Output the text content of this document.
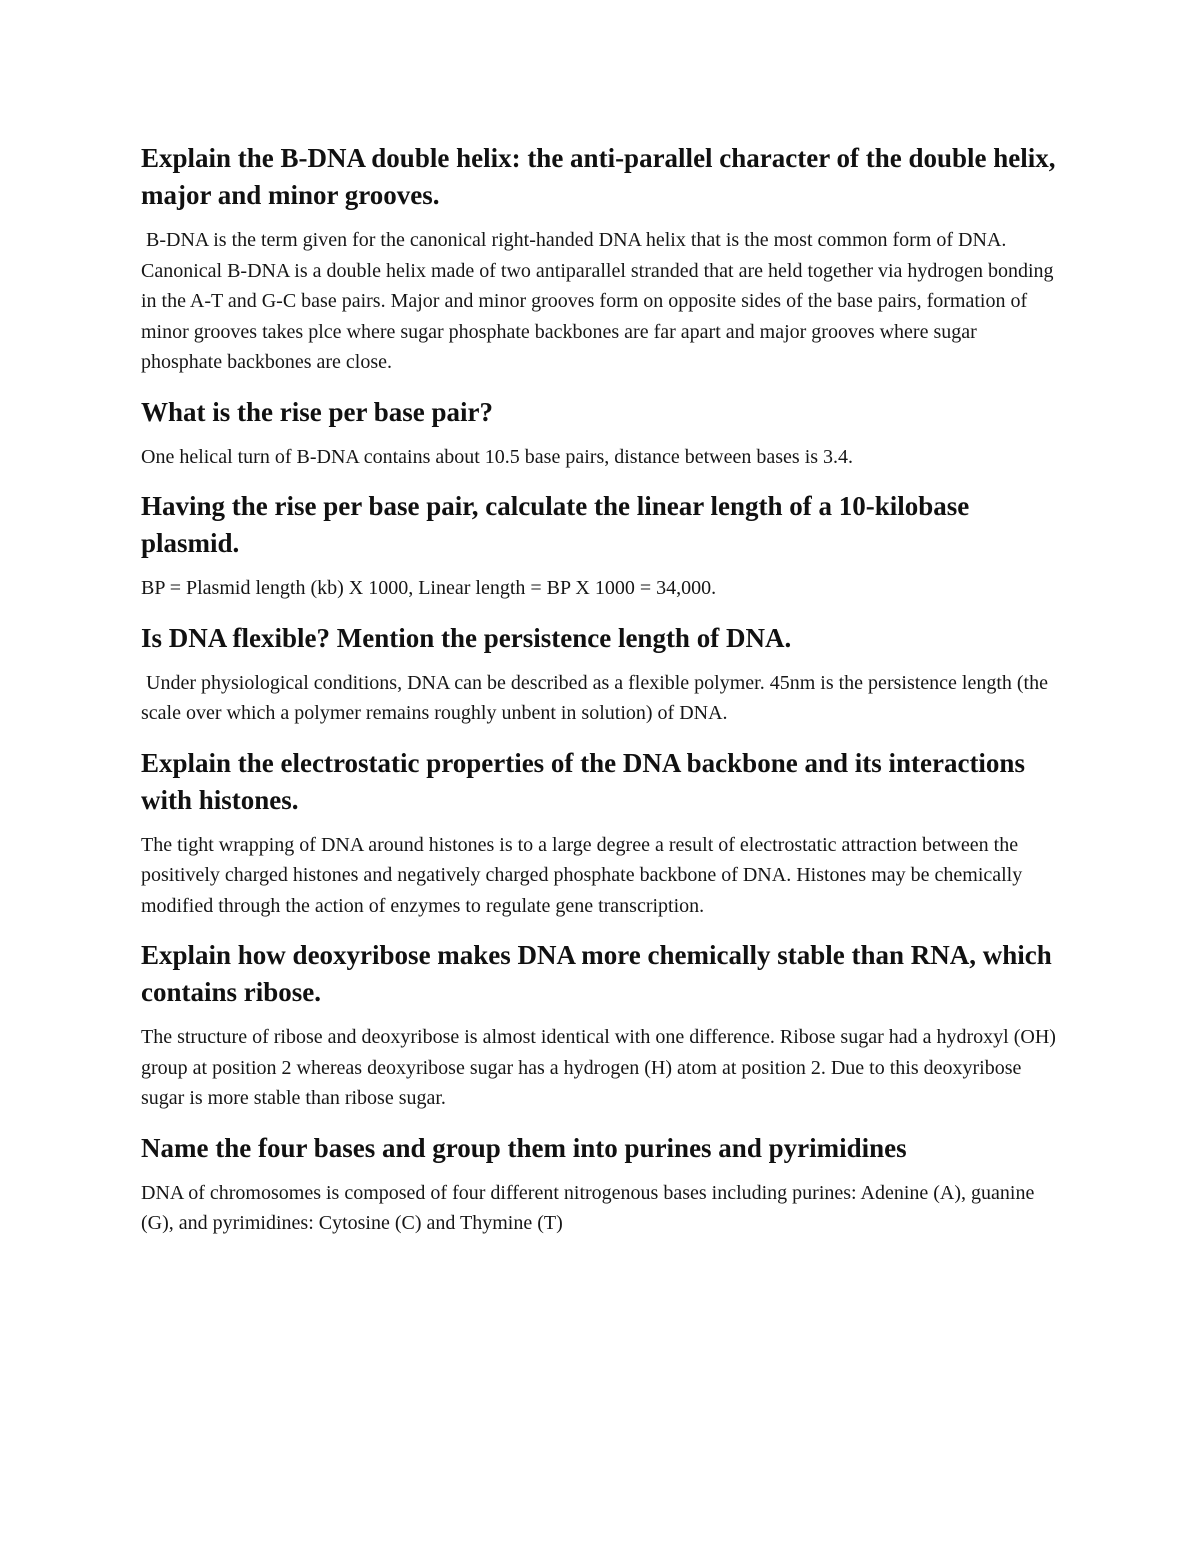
Explain the B-DNA double helix: the anti-parallel character of the double helix, major and minor grooves.

B-DNA is the term given for the canonical right-handed DNA helix that is the most common form of DNA. Canonical B-DNA is a double helix made of two antiparallel stranded that are held together via hydrogen bonding in the A-T and G-C base pairs. Major and minor grooves form on opposite sides of the base pairs, formation of minor grooves takes plce where sugar phosphate backbones are far apart and major grooves where sugar phosphate backbones are close.

What is the rise per base pair?

One helical turn of B-DNA contains about 10.5 base pairs, distance between bases is 3.4.

Having the rise per base pair, calculate the linear length of a 10-kilobase plasmid.

BP = Plasmid length (kb) X 1000, Linear length = BP X 1000 = 34,000.

Is DNA flexible? Mention the persistence length of DNA.

Under physiological conditions, DNA can be described as a flexible polymer. 45nm is the persistence length (the scale over which a polymer remains roughly unbent in solution) of DNA.

Explain the electrostatic properties of the DNA backbone and its interactions with histones.

The tight wrapping of DNA around histones is to a large degree a result of electrostatic attraction between the positively charged histones and negatively charged phosphate backbone of DNA. Histones may be chemically modified through the action of enzymes to regulate gene transcription.

Explain how deoxyribose makes DNA more chemically stable than RNA, which contains ribose.

The structure of ribose and deoxyribose is almost identical with one difference. Ribose sugar had a hydroxyl (OH) group at position 2 whereas deoxyribose sugar has a hydrogen (H) atom at position 2. Due to this deoxyribose sugar is more stable than ribose sugar.

Name the four bases and group them into purines and pyrimidines

DNA of chromosomes is composed of four different nitrogenous bases including purines: Adenine (A), guanine (G), and pyrimidines: Cytosine (C) and Thymine (T)
